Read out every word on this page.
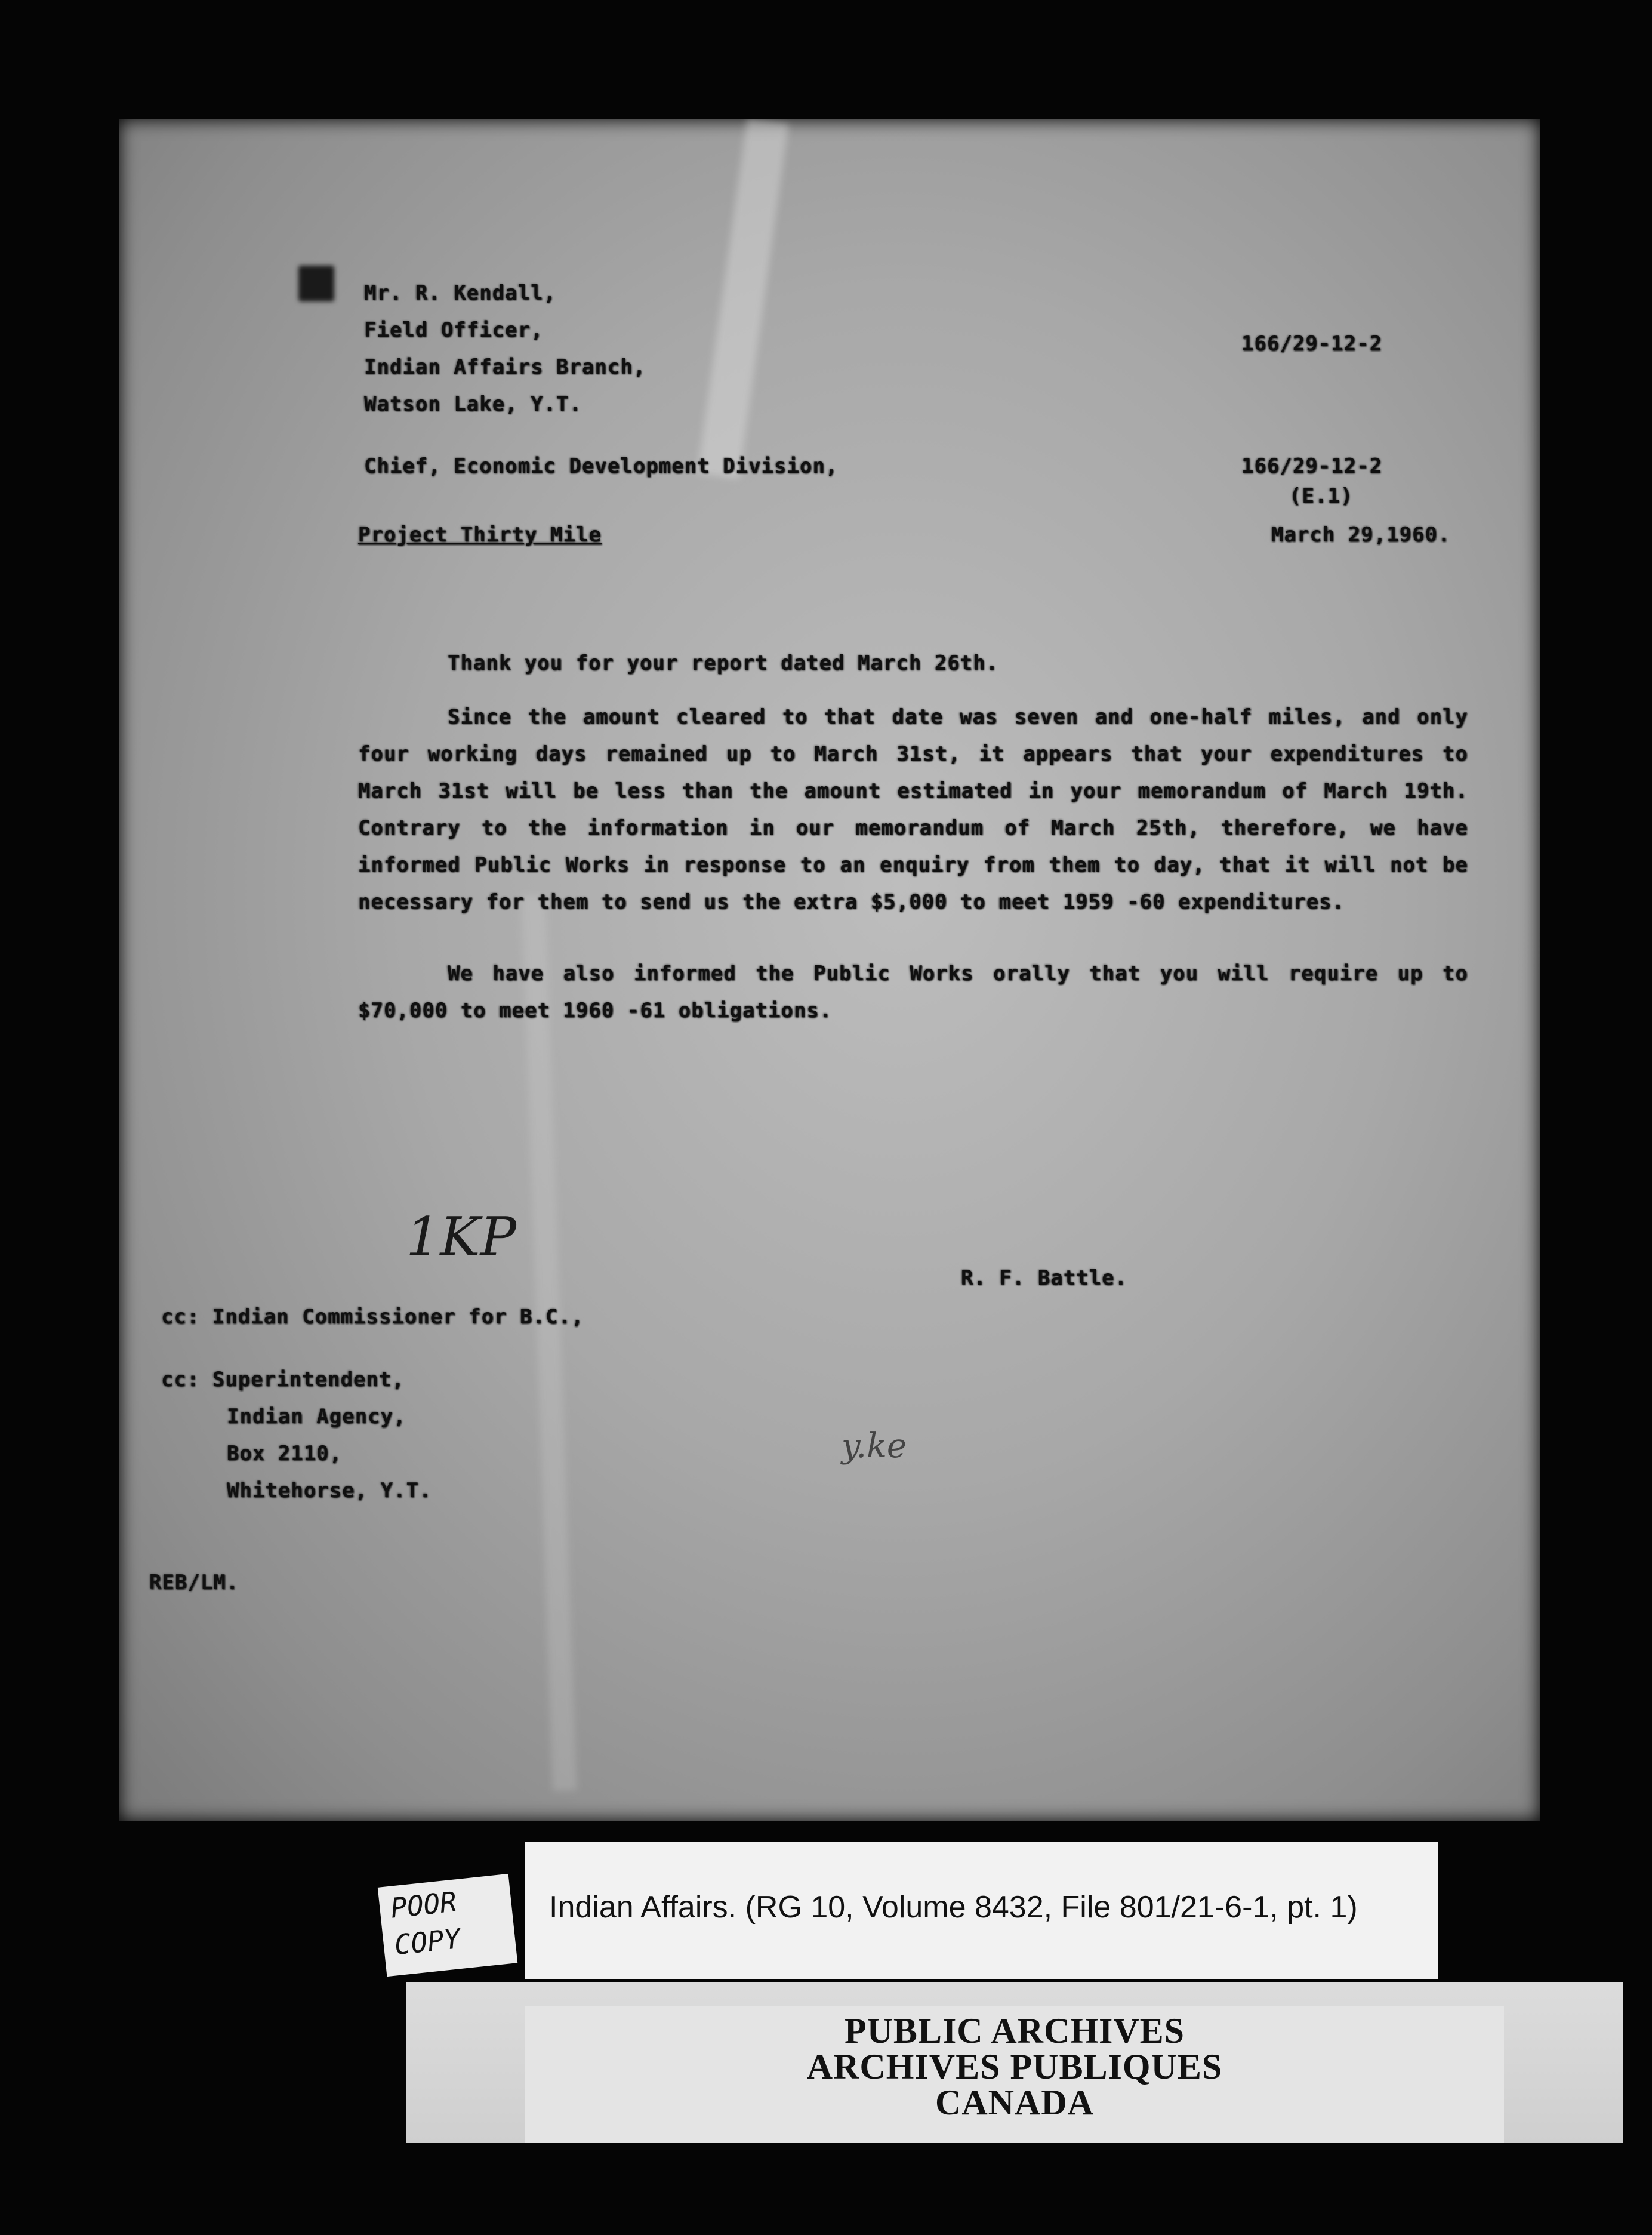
Mr. R. Kendall,
Field Officer,
Indian Affairs Branch,
Watson Lake, Y.T.
166/29-12-2
Chief, Economic Development Division,	166/29-12-2
(E.1)
Project Thirty Mile	March 29,1960.
Thank you for your report dated March 26th.

Since the amount cleared to that date was seven and one-half miles, and only four working days remained up to March 31st, it appears that your expenditures to March 31st will be less than the amount estimated in your memorandum of March 19th. Contrary to the information in our memorandum of March 25th, therefore, we have informed Public Works in response to an enquiry from them to day, that it will not be necessary for them to send us the extra $5,000 to meet 1959 -60 expenditures.

We have also informed the Public Works orally that you will require up to $70,000 to meet 1960 -61 obligations.

1KP
R. F. Battle.
cc: Indian Commissioner for B.C.,
cc: Superintendent,
Indian Agency,
Box 2110,
Whitehorse, Y.T.
y.ke
REB/LM.
POOR
COPY
Indian Affairs. (RG 10, Volume 8432, File 801/21-6-1, pt. 1)
PUBLIC ARCHIVES
ARCHIVES PUBLIQUES
CANADA
